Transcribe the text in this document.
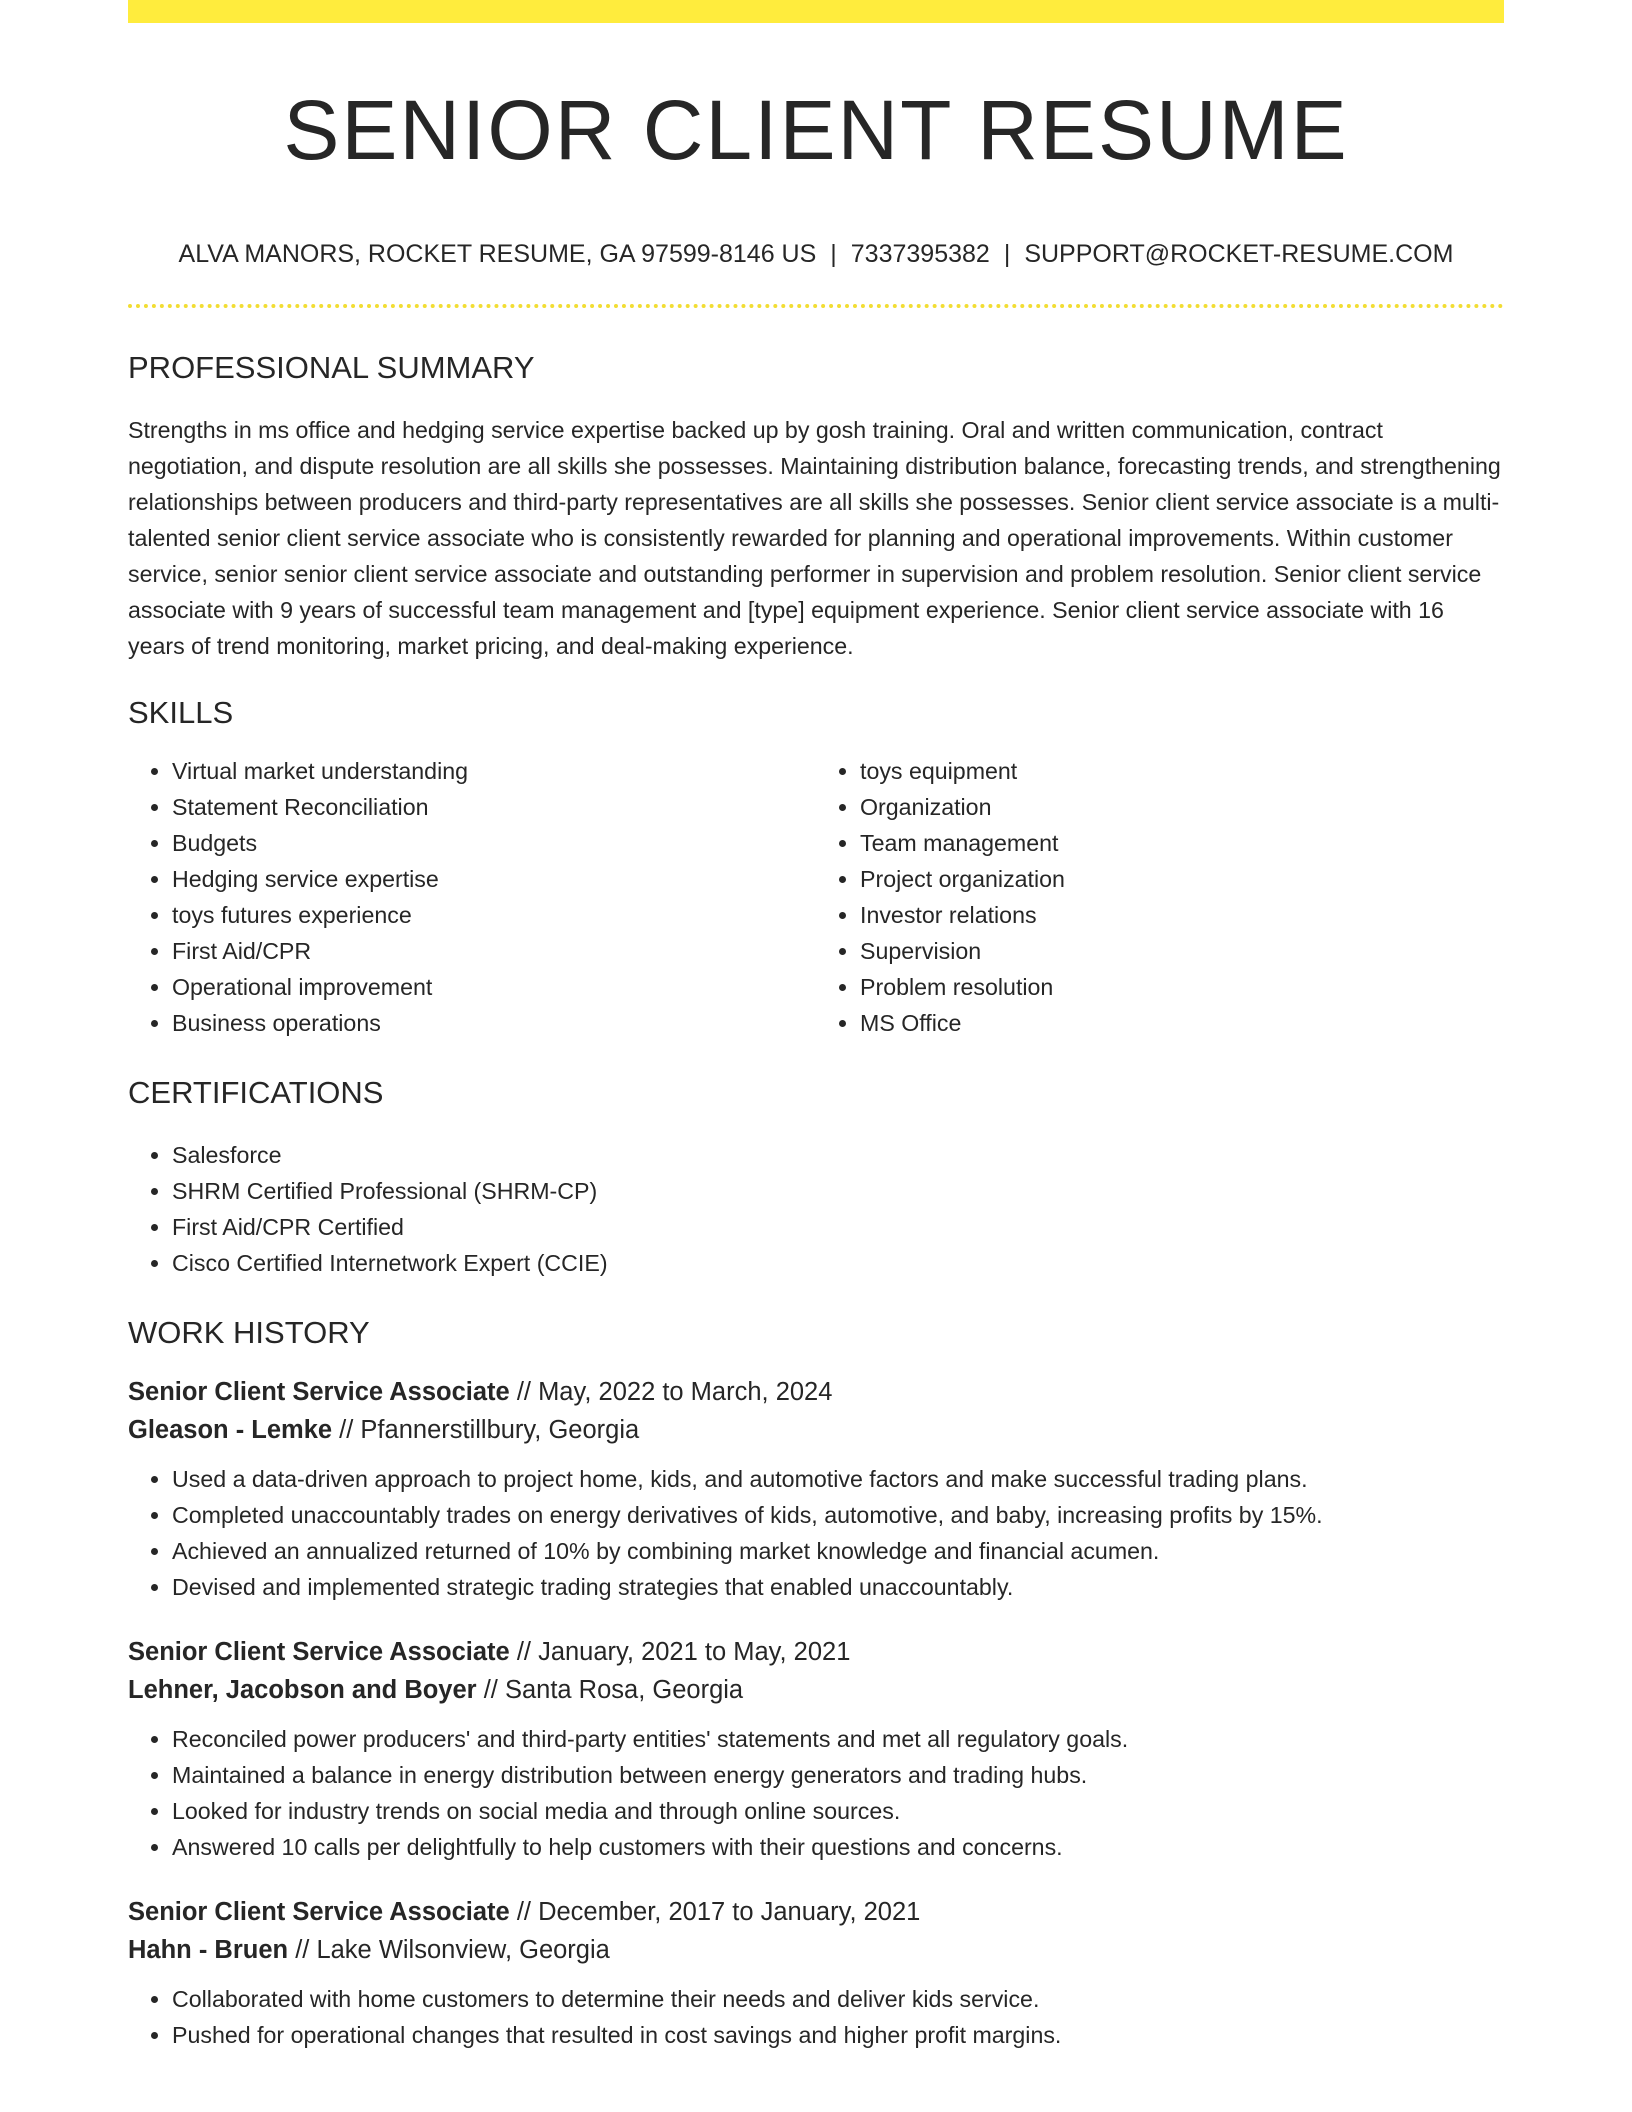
SENIOR CLIENT RESUME
ALVA MANORS, ROCKET RESUME, GA 97599-8146 US | 7337395382 | SUPPORT@ROCKET-RESUME.COM
PROFESSIONAL SUMMARY

Strengths in ms office and hedging service expertise backed up by gosh training. Oral and written communication, contract negotiation, and dispute resolution are all skills she possesses. Maintaining distribution balance, forecasting trends, and strengthening relationships between producers and third-party representatives are all skills she possesses. Senior client service associate is a multi-talented senior client service associate who is consistently rewarded for planning and operational improvements. Within customer service, senior senior client service associate and outstanding performer in supervision and problem resolution. Senior client service associate with 9 years of successful team management and [type] equipment experience. Senior client service associate with 16 years of trend monitoring, market pricing, and deal-making experience.

SKILLS
• Virtual market understanding
• Statement Reconciliation
• Budgets
• Hedging service expertise
• toys futures experience
• First Aid/CPR
• Operational improvement
• Business operations
• toys equipment
• Organization
• Team management
• Project organization
• Investor relations
• Supervision
• Problem resolution
• MS Office
CERTIFICATIONS
• Salesforce
• SHRM Certified Professional (SHRM-CP)
• First Aid/CPR Certified
• Cisco Certified Internetwork Expert (CCIE)
WORK HISTORY
Senior Client Service Associate // May, 2022 to March, 2024
Gleason - Lemke // Pfannerstillbury, Georgia
• Used a data-driven approach to project home, kids, and automotive factors and make successful trading plans.
• Completed unaccountably trades on energy derivatives of kids, automotive, and baby, increasing profits by 15%.
• Achieved an annualized returned of 10% by combining market knowledge and financial acumen.
• Devised and implemented strategic trading strategies that enabled unaccountably.
Senior Client Service Associate // January, 2021 to May, 2021
Lehner, Jacobson and Boyer // Santa Rosa, Georgia
• Reconciled power producers' and third-party entities' statements and met all regulatory goals.
• Maintained a balance in energy distribution between energy generators and trading hubs.
• Looked for industry trends on social media and through online sources.
• Answered 10 calls per delightfully to help customers with their questions and concerns.
Senior Client Service Associate // December, 2017 to January, 2021
Hahn - Bruen // Lake Wilsonview, Georgia
• Collaborated with home customers to determine their needs and deliver kids service.
• Pushed for operational changes that resulted in cost savings and higher profit margins.
